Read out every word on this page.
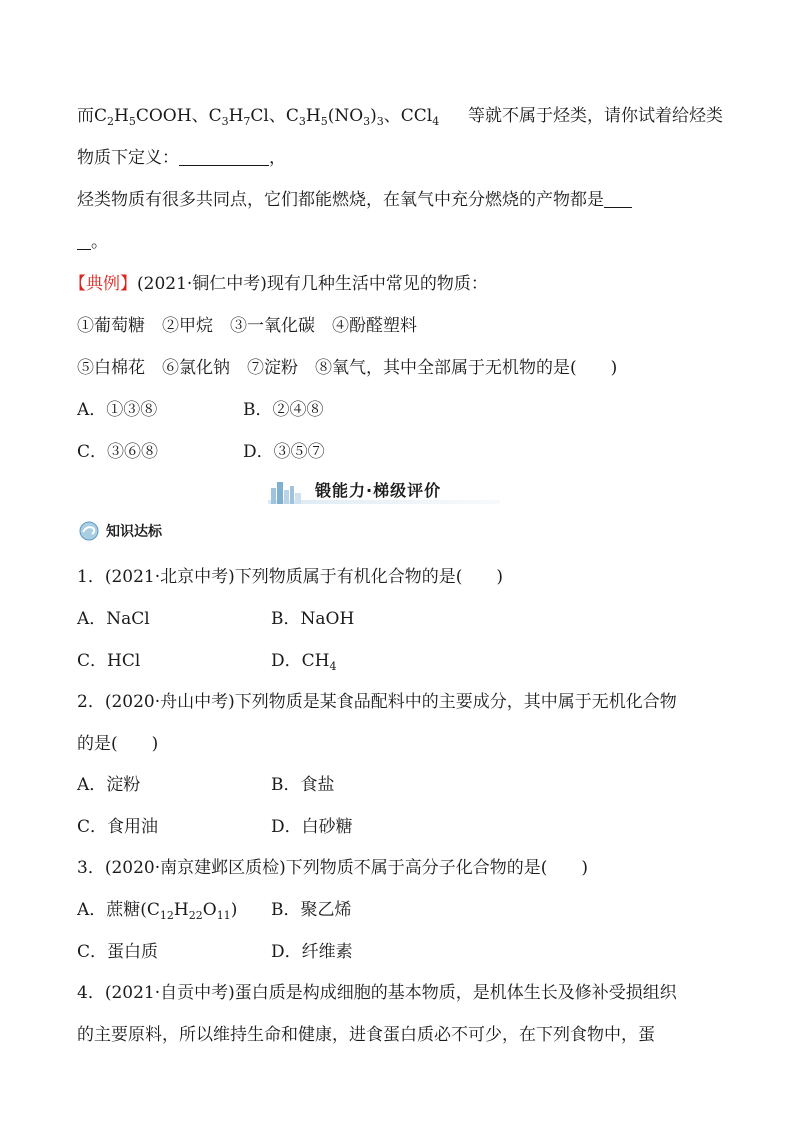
而$C_2H_5COOH$、$C_3H_7Cl$、$C_3H_5(NO_3)_3$、CCl$_4$ 等就不属于烃类，请你试着给烃类
物质下定义：	，
烃类物质有很多共同点，它们都能燃烧，在氧气中充分燃烧的产物都是
。
【典例】(2021·铜仁中考)现有几种生活中常见的物质：
①葡萄糖　②甲烷　③一氧化碳　④酚醛塑料
⑤白棉花　⑥氯化钠　⑦淀粉　⑧氧气，其中全部属于无机物的是(　　)
A．①③⑧	B．②④⑧
C．③⑥⑧	D．③⑤⑦
锻能力·梯级评价
知识达标
1．(2021·北京中考)下列物质属于有机化合物的是(　　)
A．NaCl	B．NaOH
C．HCl	D．$CH_4$
2．(2020·舟山中考)下列物质是某食品配料中的主要成分，其中属于无机化合物
的是(　　)
A．淀粉	B．食盐
C．食用油	D．白砂糖
3．(2020·南京建邺区质检)下列物质不属于高分子化合物的是(　　)
A．蔗糖$(C_{12}H_{22}O_{11})$ B．聚乙烯
C．蛋白质	D．纤维素
4．(2021·自贡中考)蛋白质是构成细胞的基本物质，是机体生长及修补受损组织
的主要原料，所以维持生命和健康，进食蛋白质必不可少，在下列食物中，蛋
